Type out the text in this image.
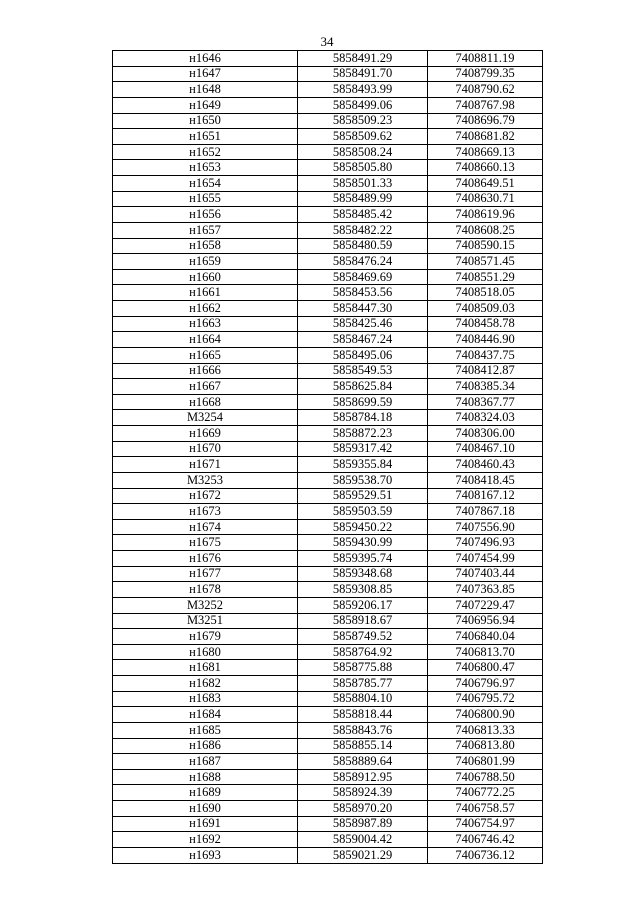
34
н1646	5858491.29	7408811.19
н1647	5858491.70	7408799.35
н1648	5858493.99	7408790.62
н1649	5858499.06	7408767.98
н1650	5858509.23	7408696.79
н1651	5858509.62	7408681.82
н1652	5858508.24	7408669.13
н1653	5858505.80	7408660.13
н1654	5858501.33	7408649.51
н1655	5858489.99	7408630.71
н1656	5858485.42	7408619.96
н1657	5858482.22	7408608.25
н1658	5858480.59	7408590.15
н1659	5858476.24	7408571.45
н1660	5858469.69	7408551.29
н1661	5858453.56	7408518.05
н1662	5858447.30	7408509.03
н1663	5858425.46	7408458.78
н1664	5858467.24	7408446.90
н1665	5858495.06	7408437.75
н1666	5858549.53	7408412.87
н1667	5858625.84	7408385.34
н1668	5858699.59	7408367.77
М3254	5858784.18	7408324.03
н1669	5858872.23	7408306.00
н1670	5859317.42	7408467.10
н1671	5859355.84	7408460.43
М3253	5859538.70	7408418.45
н1672	5859529.51	7408167.12
н1673	5859503.59	7407867.18
н1674	5859450.22	7407556.90
н1675	5859430.99	7407496.93
н1676	5859395.74	7407454.99
н1677	5859348.68	7407403.44
н1678	5859308.85	7407363.85
М3252	5859206.17	7407229.47
М3251	5858918.67	7406956.94
н1679	5858749.52	7406840.04
н1680	5858764.92	7406813.70
н1681	5858775.88	7406800.47
н1682	5858785.77	7406796.97
н1683	5858804.10	7406795.72
н1684	5858818.44	7406800.90
н1685	5858843.76	7406813.33
н1686	5858855.14	7406813.80
н1687	5858889.64	7406801.99
н1688	5858912.95	7406788.50
н1689	5858924.39	7406772.25
н1690	5858970.20	7406758.57
н1691	5858987.89	7406754.97
н1692	5859004.42	7406746.42
н1693	5859021.29	7406736.12
